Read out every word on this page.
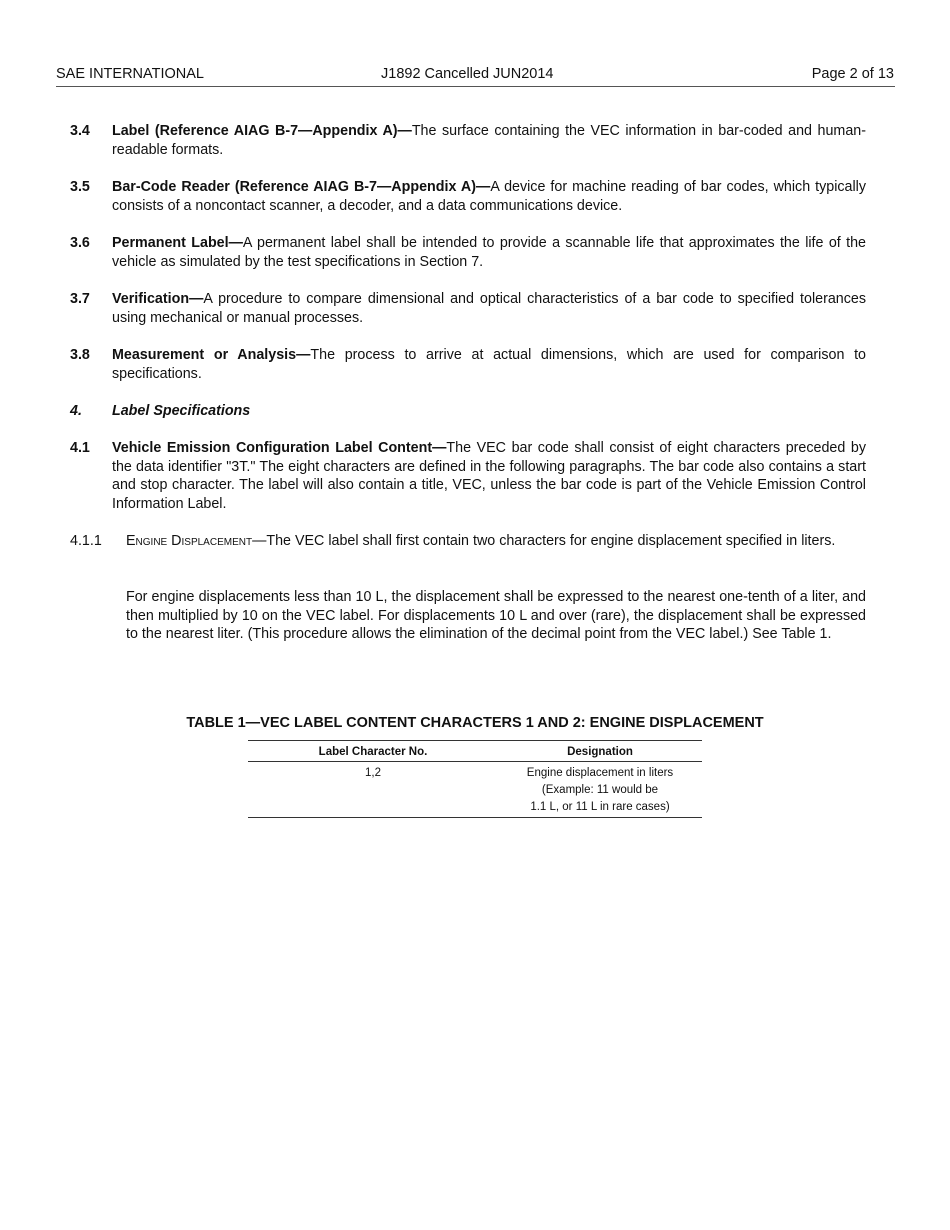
SAE INTERNATIONAL	J1892 Cancelled JUN2014	Page 2 of 13
3.4 Label (Reference AIAG B-7—Appendix A)—The surface containing the VEC information in bar-coded and human-readable formats.
3.5 Bar-Code Reader (Reference AIAG B-7—Appendix A)—A device for machine reading of bar codes, which typically consists of a noncontact scanner, a decoder, and a data communications device.
3.6 Permanent Label—A permanent label shall be intended to provide a scannable life that approximates the life of the vehicle as simulated by the test specifications in Section 7.
3.7 Verification—A procedure to compare dimensional and optical characteristics of a bar code to specified tolerances using mechanical or manual processes.
3.8 Measurement or Analysis—The process to arrive at actual dimensions, which are used for comparison to specifications.
4. Label Specifications
4.1 Vehicle Emission Configuration Label Content—The VEC bar code shall consist of eight characters preceded by the data identifier "3T." The eight characters are defined in the following paragraphs. The bar code also contains a start and stop character. The label will also contain a title, VEC, unless the bar code is part of the Vehicle Emission Control Information Label.
4.1.1 Engine Displacement—The VEC label shall first contain two characters for engine displacement specified in liters.
For engine displacements less than 10 L, the displacement shall be expressed to the nearest one-tenth of a liter, and then multiplied by 10 on the VEC label. For displacements 10 L and over (rare), the displacement shall be expressed to the nearest liter. (This procedure allows the elimination of the decimal point from the VEC label.) See Table 1.
TABLE 1—VEC LABEL CONTENT CHARACTERS 1 AND 2: ENGINE DISPLACEMENT
Label Character No.	Designation
1,2	Engine displacement in liters
(Example: 11 would be
1.1 L, or 11 L in rare cases)
